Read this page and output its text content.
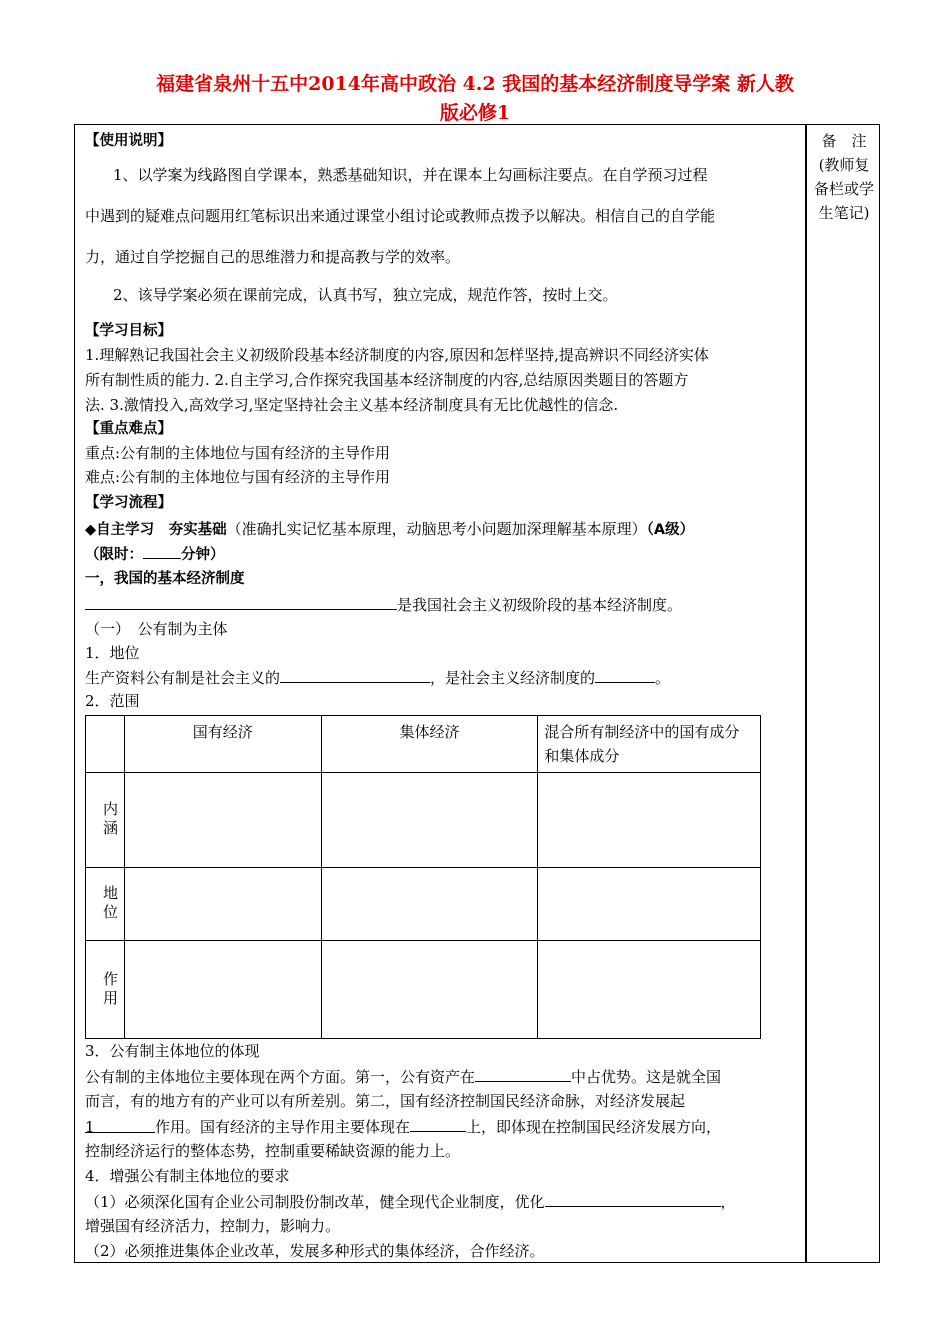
福建省泉州十五中2014年高中政治 4.2 我国的基本经济制度导学案 新人教
版必修1
备　注
(教师复
备栏或学
生笔记)
【使用说明】
1、以学案为线路图自学课本，熟悉基础知识，并在课本上勾画标注要点。在自学预习过程
中遇到的疑难点问题用红笔标识出来通过课堂小组讨论或教师点拨予以解决。相信自己的自学能
力，通过自学挖掘自己的思维潜力和提高教与学的效率。
2、该导学案必须在课前完成，认真书写，独立完成，规范作答，按时上交。
【学习目标】
1.理解熟记我国社会主义初级阶段基本经济制度的内容,原因和怎样坚持,提高辨识不同经济实体
所有制性质的能力. 2.自主学习,合作探究我国基本经济制度的内容,总结原因类题目的答题方
法. 3.激情投入,高效学习,坚定坚持社会主义基本经济制度具有无比优越性的信念.
【重点难点】
重点:公有制的主体地位与国有经济的主导作用
难点:公有制的主体地位与国有经济的主导作用
【学习流程】
◆自主学习　夯实基础（准确扎实记忆基本原理，动脑思考小问题加深理解基本原理）（A级）
（限时：	分钟）
一，我国的基本经济制度
是我国社会主义初级阶段的基本经济制度。
（一）　公有制为主体
1．地位
生产资料公有制是社会主义的	，是社会主义经济制度的	。
2．范围
	国有经济	集体经济	混合所有制经济中的国有成分和集体成分
内涵			
地位			
作用			
3．公有制主体地位的体现
公有制的主体地位主要体现在两个方面。第一，公有资产在	中占优势。这是就全国
而言，有的地方有的产业可以有所差别。第二，国有经济控制国民经济命脉，对经济发展起
1	作用。国有经济的主导作用主要体现在	上，即体现在控制国民经济发展方向，
控制经济运行的整体态势，控制重要稀缺资源的能力上。
4．增强公有制主体地位的要求
（1）必须深化国有企业公司制股份制改革，健全现代企业制度，优化	，
增强国有经济活力，控制力，影响力。
（2）必须推进集体企业改革，发展多种形式的集体经济，合作经济。
